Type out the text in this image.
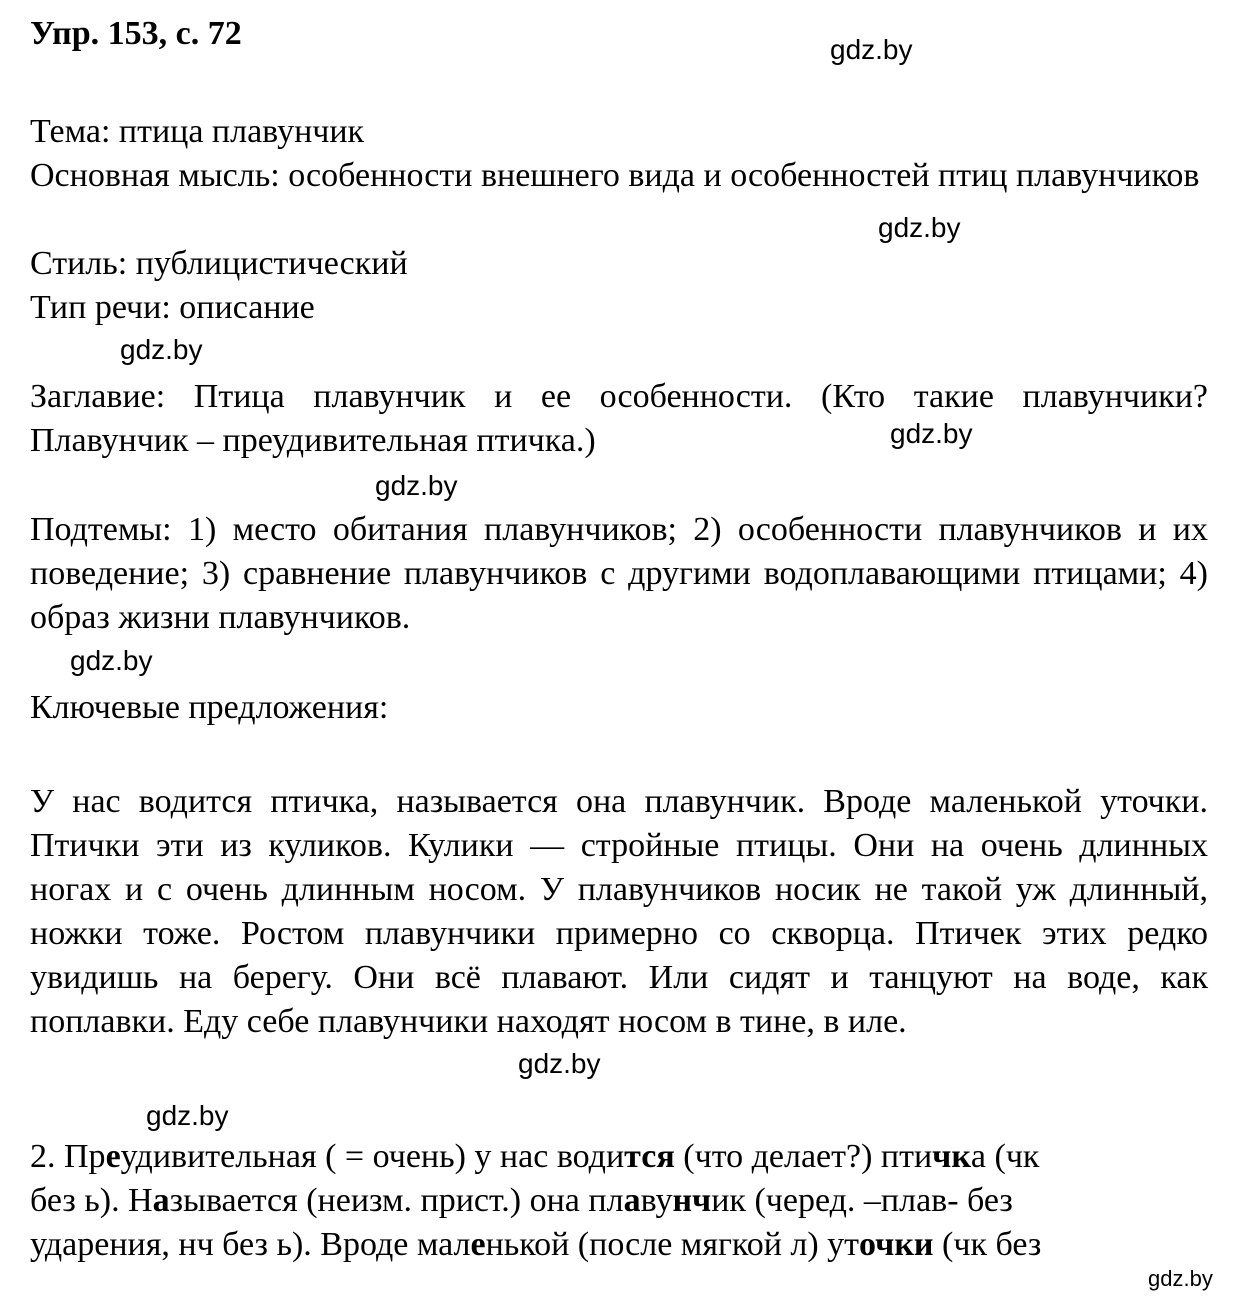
Упр. 153, с. 72
Тема: птица плавунчик
Основная мысль: особенности внешнего вида и особенностей птиц плавунчиков
Стиль: публицистический
Тип речи: описание
Заглавие: Птица плавунчик и ее особенности. (Кто такие плавунчики? Плавунчик – преудивительная птичка.)
Подтемы: 1) место обитания плавунчиков; 2) особенности плавунчиков и их поведение; 3) сравнение плавунчиков с другими водоплавающими птицами; 4) образ жизни плавунчиков.
Ключевые предложения:
У нас водится птичка, называется она плавунчик. Вроде маленькой уточки. Птички эти из куликов. Кулики — стройные птицы. Они на очень длинных ногах и с очень длинным носом. У плавунчиков носик не такой уж длинный, ножки тоже. Ростом плавунчики примерно со скворца. Птичек этих редко увидишь на берегу. Они всё плавают. Или сидят и танцуют на воде, как поплавки. Еду себе плавунчики находят носом в тине, в иле.
2. Преудивительная ( = очень) у нас водится (что делает?) птичка (чк
без ь). Называется (неизм. прист.) она плавунчик (черед. –плав- без
ударения, нч без ь). Вроде маленькой (после мягкой л) уточки (чк без
gdz.by
gdz.by
gdz.by
gdz.by
gdz.by
gdz.by
gdz.by
gdz.by
gdz.by
